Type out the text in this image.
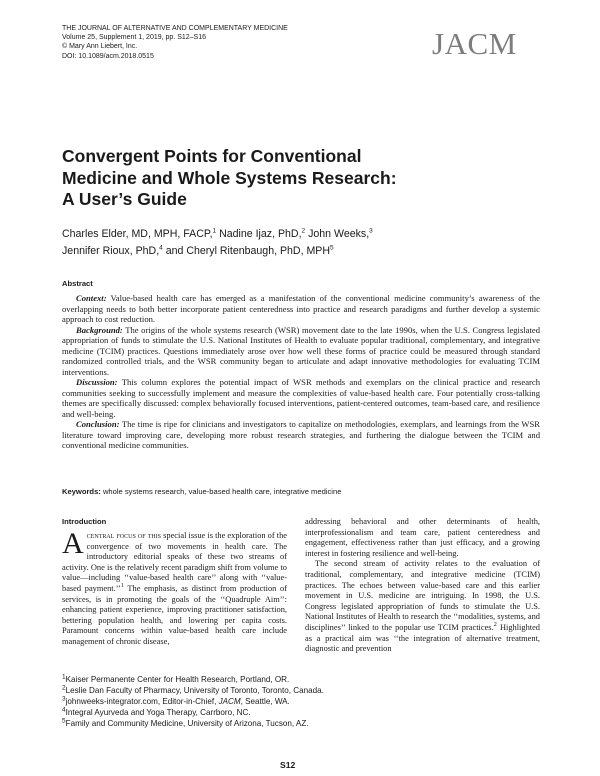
THE JOURNAL OF ALTERNATIVE AND COMPLEMENTARY MEDICINE
Volume 25, Supplement 1, 2019, pp. S12–S16
© Mary Ann Liebert, Inc.
DOI: 10.1089/acm.2018.0515	JACM
Convergent Points for Conventional
Medicine and Whole Systems Research:
A User’s Guide
Charles Elder, MD, MPH, FACP,$^1$ Nadine Ijaz, PhD,$^2$ John Weeks,$^3$
Jennifer Rioux, PhD,$^4$ and Cheryl Ritenbaugh, PhD, MPH$^5$
Abstract

Context: Value-based health care has emerged as a manifestation of the conventional medicine community’s awareness of the overlapping needs to both better incorporate patient centeredness into practice and research paradigms and further develop a systemic approach to cost reduction.

Background: The origins of the whole systems research (WSR) movement date to the late 1990s, when the U.S. Congress legislated appropriation of funds to stimulate the U.S. National Institutes of Health to evaluate popular traditional, complementary, and integrative medicine (TCIM) practices. Questions immediately arose over how well these forms of practice could be measured through standard randomized controlled trials, and the WSR community began to articulate and adapt innovative methodologies for evaluating TCIM interventions.

Discussion: This column explores the potential impact of WSR methods and exemplars on the clinical practice and research communities seeking to successfully implement and measure the complexities of value-based health care. Four potentially cross-talking themes are specifically discussed: complex behaviorally focused interventions, patient-centered outcomes, team-based care, and resilience and well-being.

Conclusion: The time is ripe for clinicians and investigators to capitalize on methodologies, exemplars, and learnings from the WSR literature toward improving care, developing more robust research strategies, and furthering the dialogue between the TCIM and conventional medicine communities.

Keywords: whole systems research, value-based health care, integrative medicine
Introduction

Acentral focus of this special issue is the exploration of the convergence of two movements in health care. The introductory editorial speaks of these two streams of activity. One is the relatively recent paradigm shift from volume to value—including ‘‘value-based health care’’ along with ‘‘value-based payment.’’$^1$ The emphasis, as distinct from production of services, is in promoting the goals of the ‘‘Quadruple Aim’’: enhancing patient experience, improving practitioner satisfaction, bettering population health, and lowering per capita costs. Paramount concerns within value-based health care include management of chronic disease,

addressing behavioral and other determinants of health, interprofessionalism and team care, patient centeredness and engagement, effectiveness rather than just efficacy, and a growing interest in fostering resilience and well-being.

The second stream of activity relates to the evaluation of traditional, complementary, and integrative medicine (TCIM) practices. The echoes between value-based care and this earlier movement in U.S. medicine are intriguing. In 1998, the U.S. Congress legislated appropriation of funds to stimulate the U.S. National Institutes of Health to research the ‘‘modalities, systems, and disciplines’’ linked to the popular use TCIM practices.$^2$ Highlighted as a practical aim was ‘‘the integration of alternative treatment, diagnostic and prevention

$^1$Kaiser Permanente Center for Health Research, Portland, OR.
$^2$Leslie Dan Faculty of Pharmacy, University of Toronto, Toronto, Canada.
$^3$johnweeks-integrator.com, Editor-in-Chief, JACM, Seattle, WA.
$^4$Integral Ayurveda and Yoga Therapy, Carrboro, NC.
$^5$Family and Community Medicine, University of Arizona, Tucson, AZ.
S12
